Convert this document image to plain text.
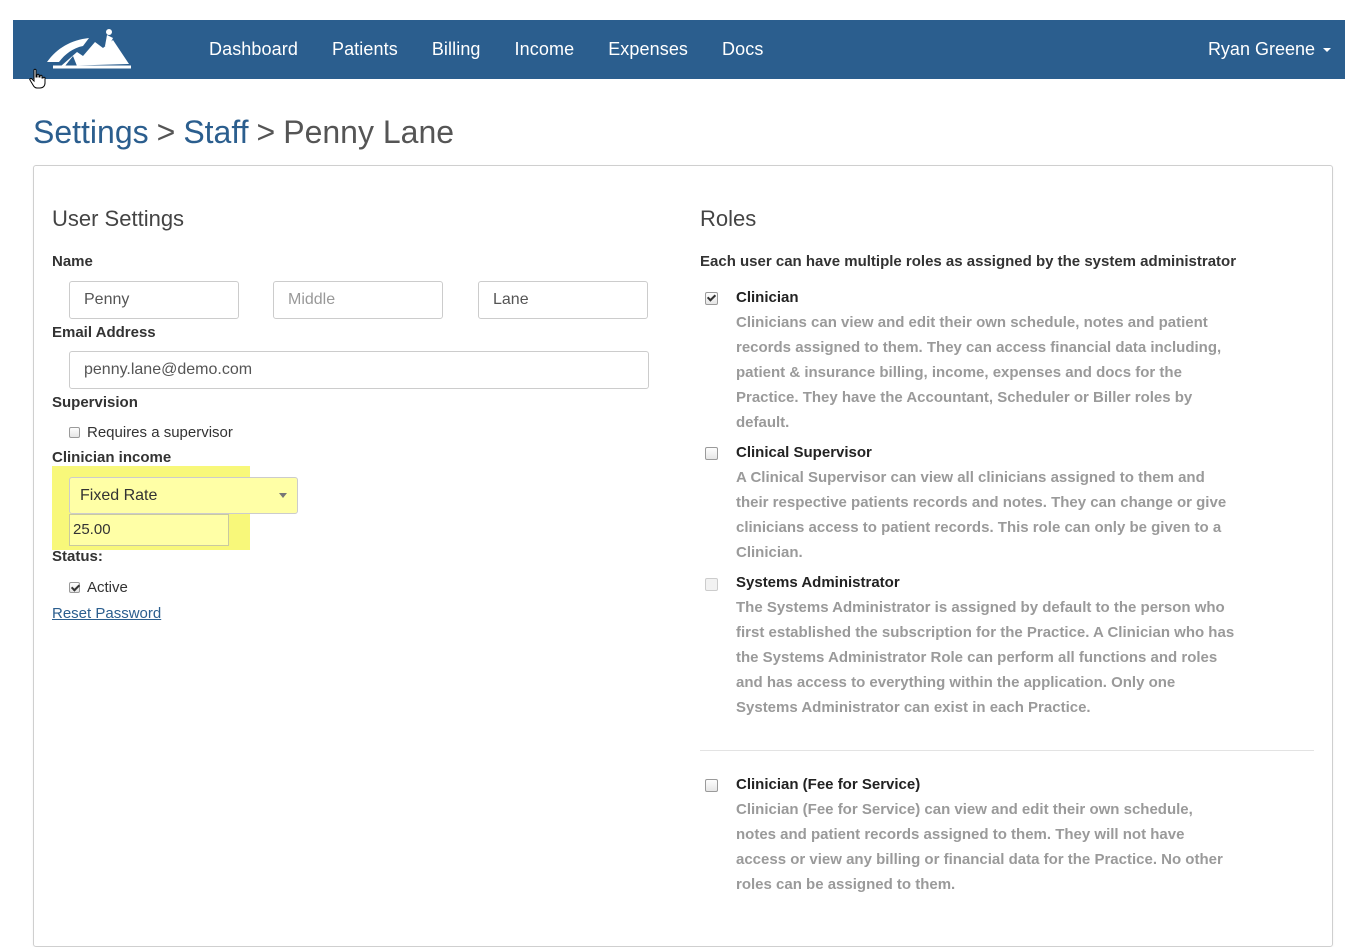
Dashboard Patients Billing Income Expenses Docs	Ryan Greene
Settings > Staff > Penny Lane
User Settings
Name
Penny	Middle	Lane
Email Address
penny.lane@demo.com
Supervision
Requires a supervisor
Clinician income
Fixed Rate
25.00
Status:
Active
Reset Password
Roles
Each user can have multiple roles as assigned by the system administrator
Clinician
Clinicians can view and edit their own schedule, notes and patient records assigned to them. They can access financial data including, patient & insurance billing, income, expenses and docs for the Practice. They have the Accountant, Scheduler or Biller roles by default.
Clinical Supervisor
A Clinical Supervisor can view all clinicians assigned to them and their respective patients records and notes. They can change or give clinicians access to patient records. This role can only be given to a Clinician.
Systems Administrator
The Systems Administrator is assigned by default to the person who first established the subscription for the Practice. A Clinician who has the Systems Administrator Role can perform all functions and roles and has access to everything within the application. Only one Systems Administrator can exist in each Practice.
Clinician (Fee for Service)
Clinician (Fee for Service) can view and edit their own schedule, notes and patient records assigned to them. They will not have access or view any billing or financial data for the Practice. No other roles can be assigned to them.
